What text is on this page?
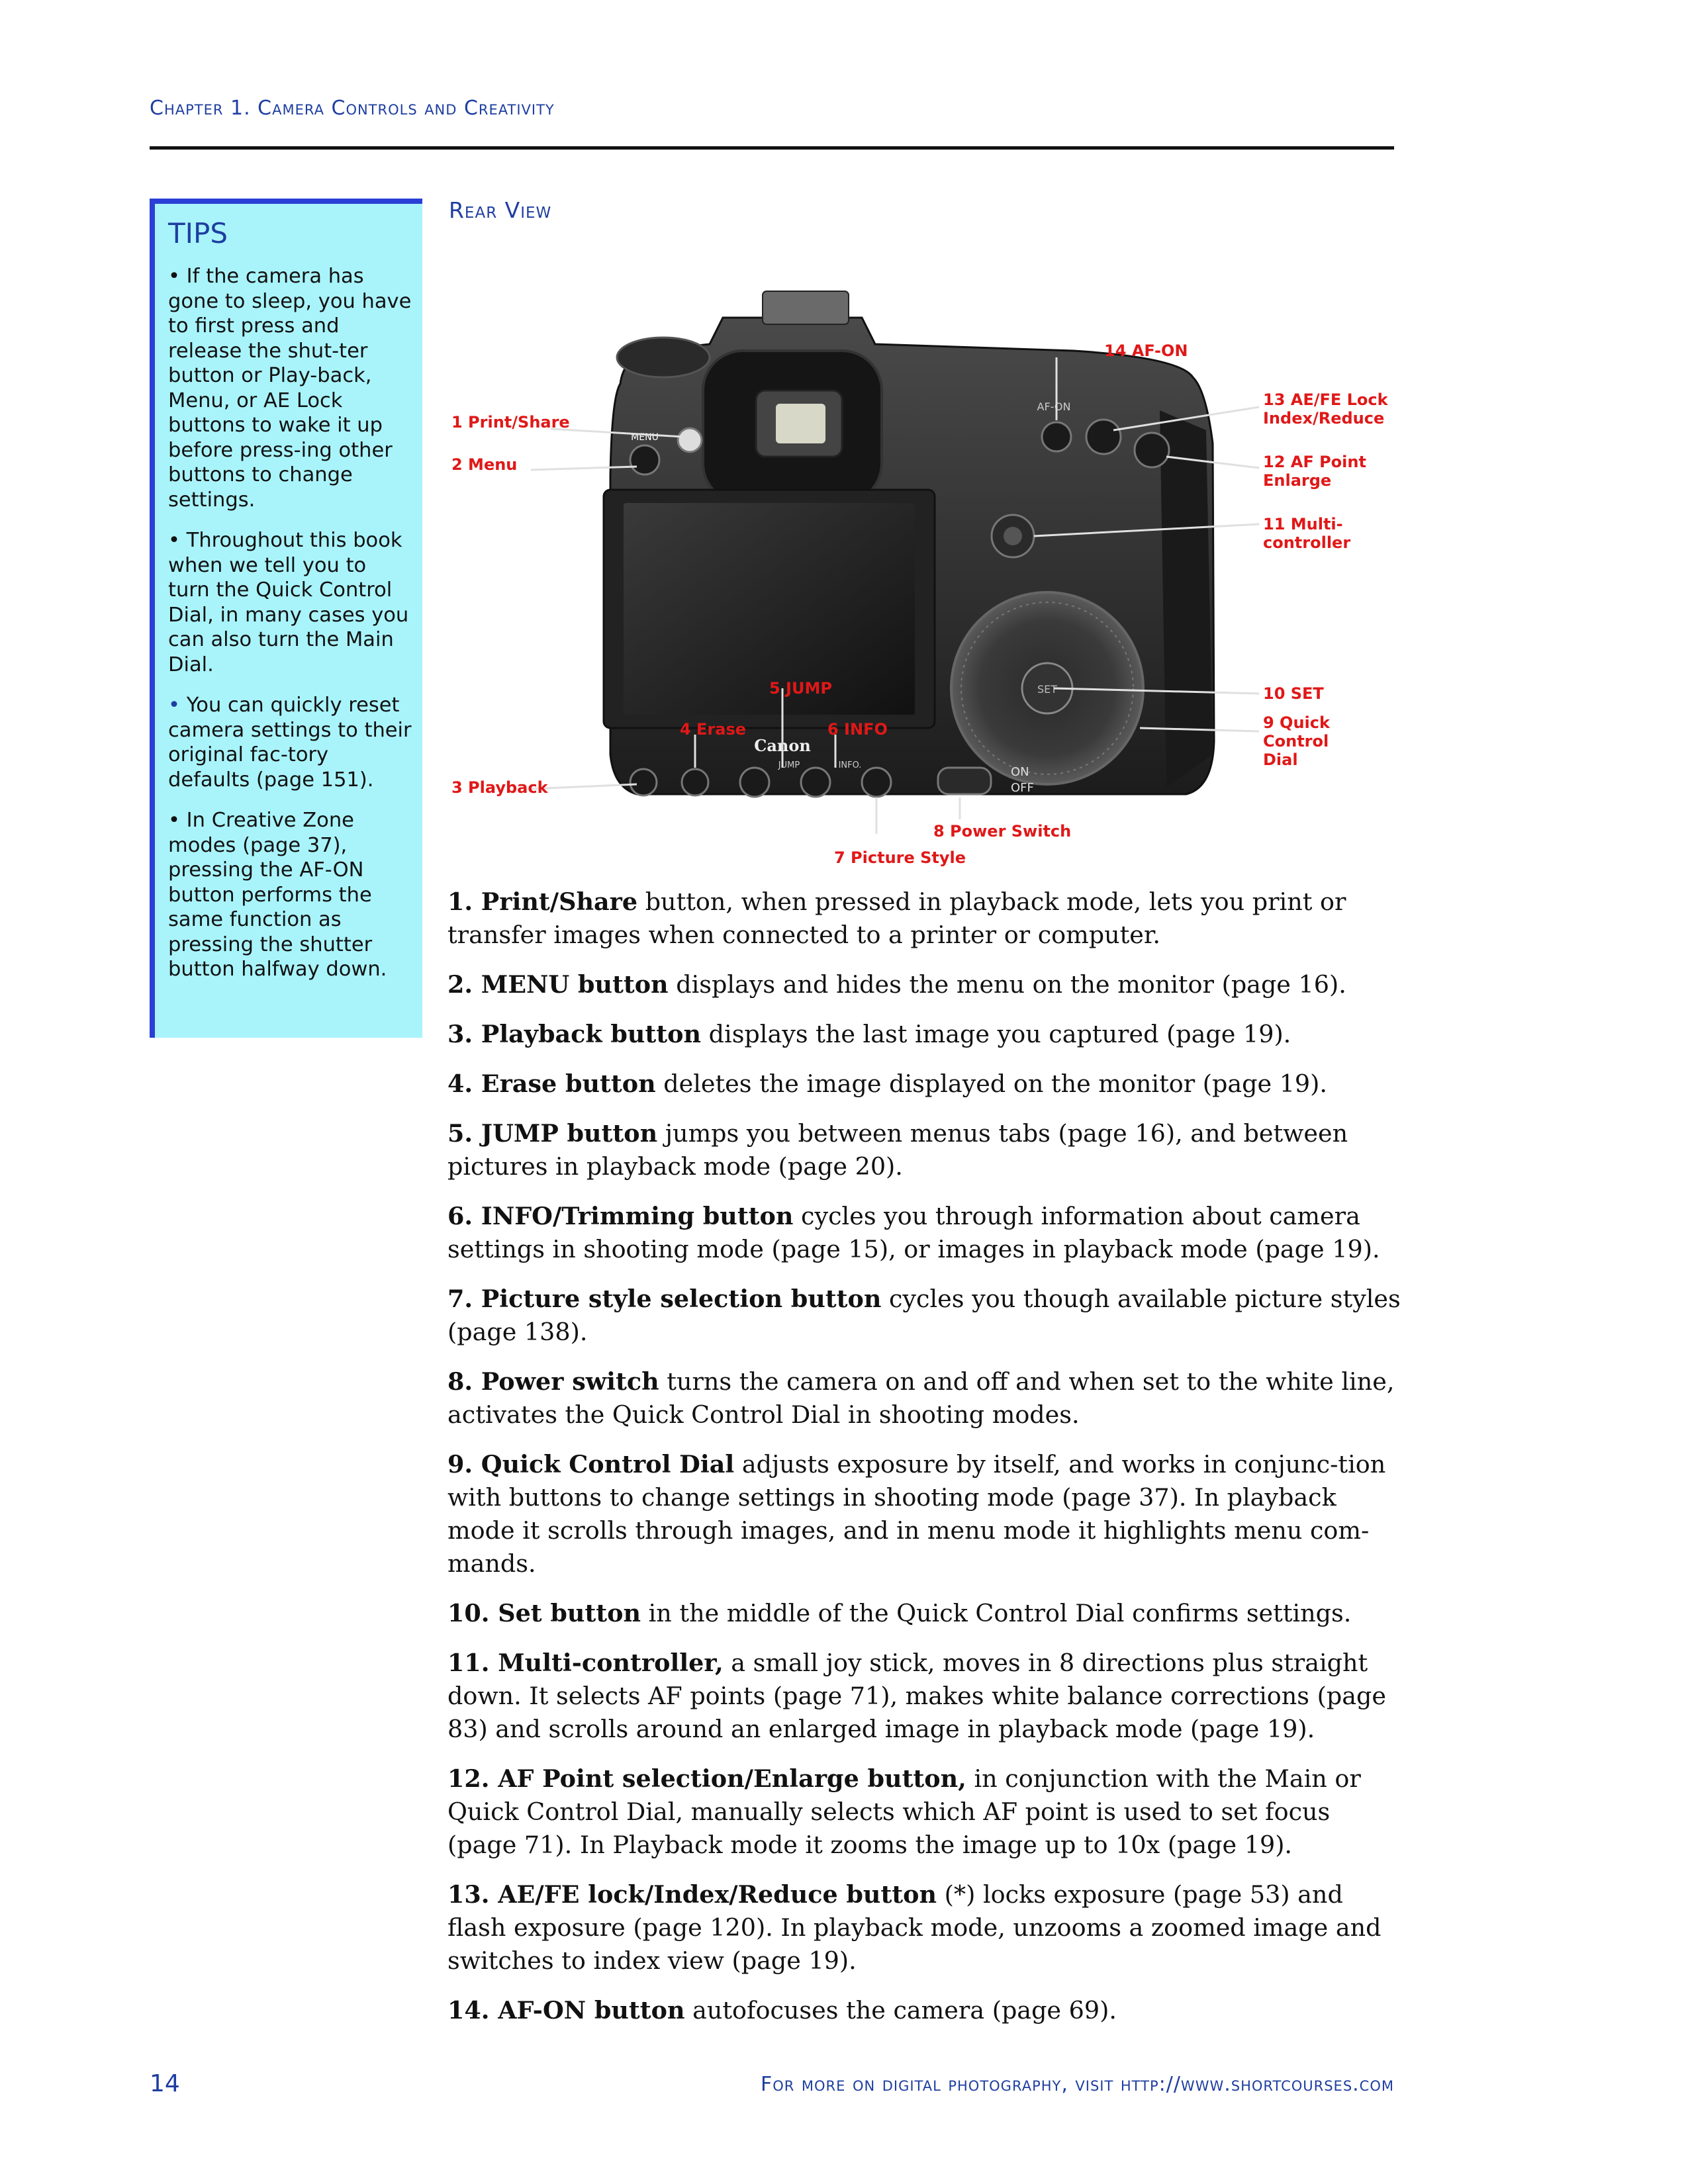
Chapter 1. Camera Controls and Creativity
TIPS
• If the camera has gone to sleep, you have to first press and release the shut-ter button or Play-back, Menu, or AE Lock buttons to wake it up before press-ing other buttons to change settings.
• Throughout this book when we tell you to turn the Quick Control Dial, in many cases you can also turn the Main Dial.
• You can quickly reset camera settings to their original fac-tory defaults (page 151).
• In Creative Zone modes (page 37), pressing the AF-ON button performs the same function as pressing the shutter button halfway down.
Rear View
MENU
AF-ON
Canon
JUMP	INFO.	ON
OFF
SET
1 Print/Share
2 Menu
3 Playback
4 Erase
5 JUMP
6 INFO
7 Picture Style
8 Power Switch
9 Quick
Control
Dial
10 SET
11 Multi-
controller
12 AF Point
Enlarge
13 AE/FE Lock
Index/Reduce
14 AF-ON

1. Print/Share button, when pressed in playback mode, lets you print or transfer images when connected to a printer or computer.

2. MENU button displays and hides the menu on the monitor (page 16).

3. Playback button displays the last image you captured (page 19).

4. Erase button deletes the image displayed on the monitor (page 19).

5. JUMP button jumps you between menus tabs (page 16), and between pictures in playback mode (page 20).

6. INFO/Trimming button cycles you through information about camera settings in shooting mode (page 15), or images in playback mode (page 19).

7. Picture style selection button cycles you though available picture styles (page 138).

8. Power switch turns the camera on and off and when set to the white line, activates the Quick Control Dial in shooting modes.

9. Quick Control Dial adjusts exposure by itself, and works in conjunc-tion with buttons to change settings in shooting mode (page 37). In playback mode it scrolls through images, and in menu mode it highlights menu com-mands.

10. Set button in the middle of the Quick Control Dial confirms settings.

11. Multi-controller, a small joy stick, moves in 8 directions plus straight down. It selects AF points (page 71), makes white balance corrections (page 83) and scrolls around an enlarged image in playback mode (page 19).

12. AF Point selection/Enlarge button, in conjunction with the Main or Quick Control Dial, manually selects which AF point is used to set focus (page 71). In Playback mode it zooms the image up to 10x (page 19).

13. AE/FE lock/Index/Reduce button (*) locks exposure (page 53) and flash exposure (page 120). In playback mode, unzooms a zoomed image and switches to index view (page 19).

14. AF-ON button autofocuses the camera (page 69).

14	For more on digital photography, visit http://www.shortcourses.com
